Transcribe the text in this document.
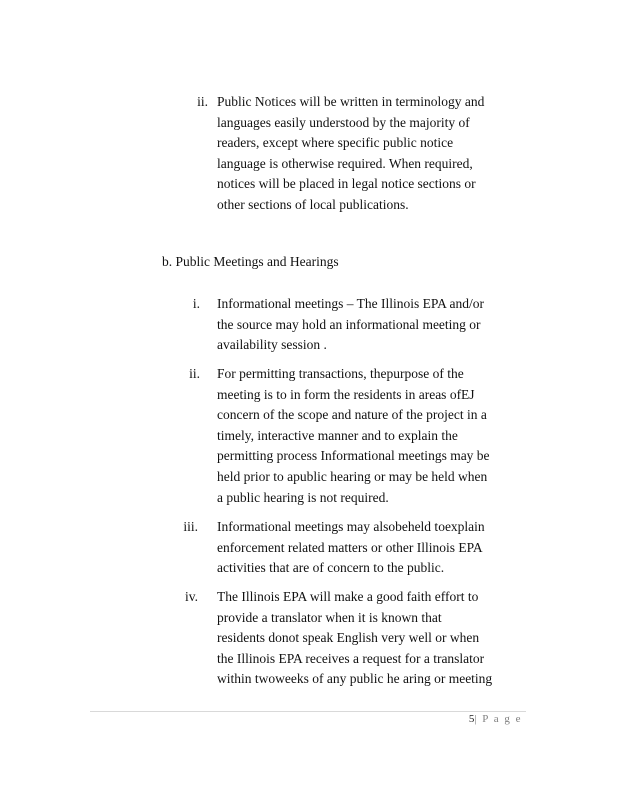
ii. Public Notices will be written in terminology and
languages easily understood by the majority of
readers, except where specific public notice
language is otherwise required. When required,
notices will be placed in legal notice sections or
other sections of local publications.
b. Public Meetings and Hearings
i. Informational meetings – The Illinois EPA and/or
the source may hold an informational meeting or
availability session .
ii. For permitting transactions, thepurpose of the
meeting is to in form the residents in areas ofEJ
concern of the scope and nature of the project in a
timely, interactive manner and to explain the
permitting process Informational meetings may be
held prior to apublic hearing or may be held when
a public hearing is not required.
iii. Informational meetings may alsobeheld toexplain
enforcement related matters or other Illinois EPA
activities that are of concern to the public.
iv. The Illinois EPA will make a good faith effort to
provide a translator when it is known that
residents donot speak English very well or when
the Illinois EPA receives a request for a translator
within twoweeks of any public he aring or meeting
5| P a g e
